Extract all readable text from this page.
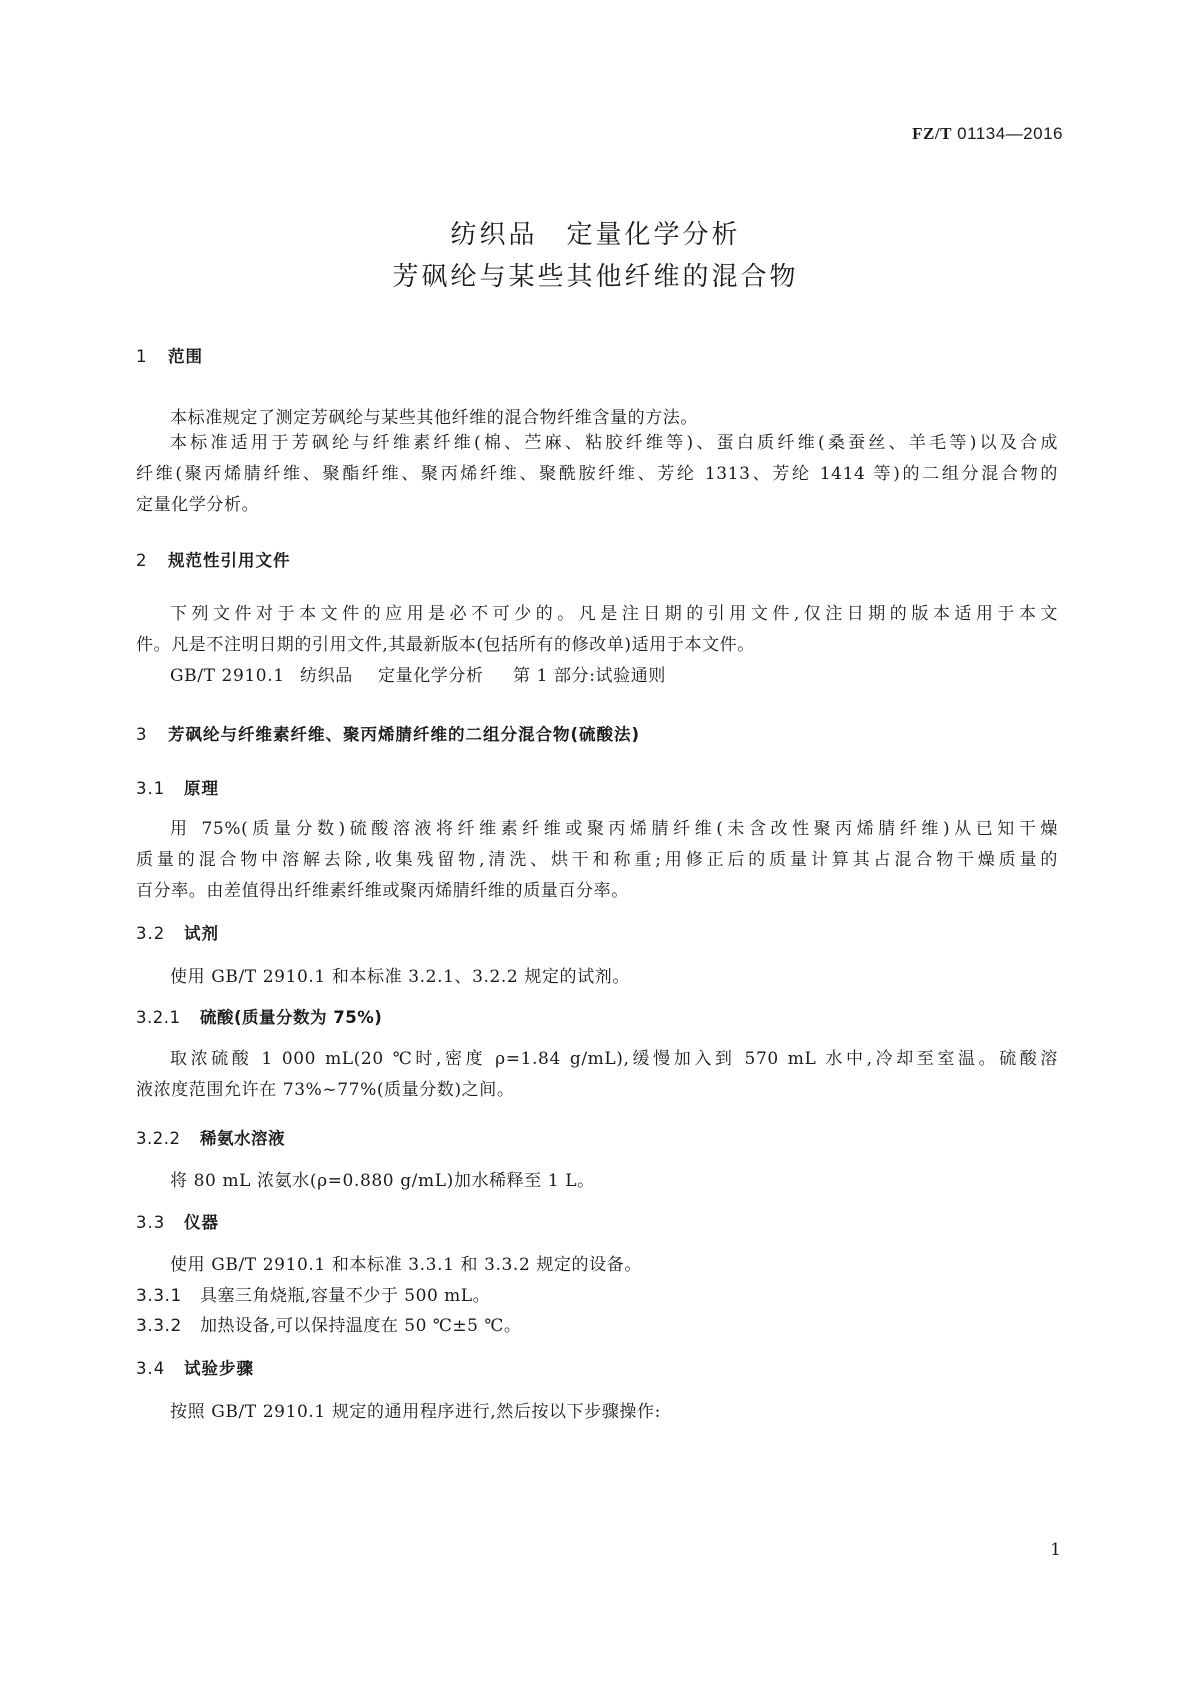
FZ/T 01134—2016
纺织品　定量化学分析
芳砜纶与某些其他纤维的混合物
1 范围
本标准规定了测定芳砜纶与某些其他纤维的混合物纤维含量的方法。
本标准适用于芳砜纶与纤维素纤维(棉、苎麻、粘胶纤维等)、蛋白质纤维(桑蚕丝、羊毛等)以及合成
纤维(聚丙烯腈纤维、聚酯纤维、聚丙烯纤维、聚酰胺纤维、芳纶 1313、芳纶 1414 等)的二组分混合物的
定量化学分析。
2 规范性引用文件
下列文件对于本文件的应用是必不可少的。凡是注日期的引用文件,仅注日期的版本适用于本文
件。凡是不注明日期的引用文件,其最新版本(包括所有的修改单)适用于本文件。
GB/T 2910.1 纺织品 定量化学分析 第 1 部分:试验通则
3 芳砜纶与纤维素纤维、聚丙烯腈纤维的二组分混合物(硫酸法)
3.1 原理
用 75%(质量分数)硫酸溶液将纤维素纤维或聚丙烯腈纤维(未含改性聚丙烯腈纤维)从已知干燥
质量的混合物中溶解去除,收集残留物,清洗、烘干和称重;用修正后的质量计算其占混合物干燥质量的
百分率。由差值得出纤维素纤维或聚丙烯腈纤维的质量百分率。
3.2 试剂
使用 GB/T 2910.1 和本标准 3.2.1、3.2.2 规定的试剂。
3.2.1 硫酸(质量分数为 75%)
取浓硫酸 1 000 mL(20 ℃时,密度 ρ=1.84 g/mL),缓慢加入到 570 mL 水中,冷却至室温。硫酸溶
液浓度范围允许在 73%~77%(质量分数)之间。
3.2.2 稀氨水溶液
将 80 mL 浓氨水(ρ=0.880 g/mL)加水稀释至 1 L。
3.3 仪器
使用 GB/T 2910.1 和本标准 3.3.1 和 3.3.2 规定的设备。
3.3.1 具塞三角烧瓶,容量不少于 500 mL。
3.3.2 加热设备,可以保持温度在 50 ℃±5 ℃。
3.4 试验步骤
按照 GB/T 2910.1 规定的通用程序进行,然后按以下步骤操作:
1
